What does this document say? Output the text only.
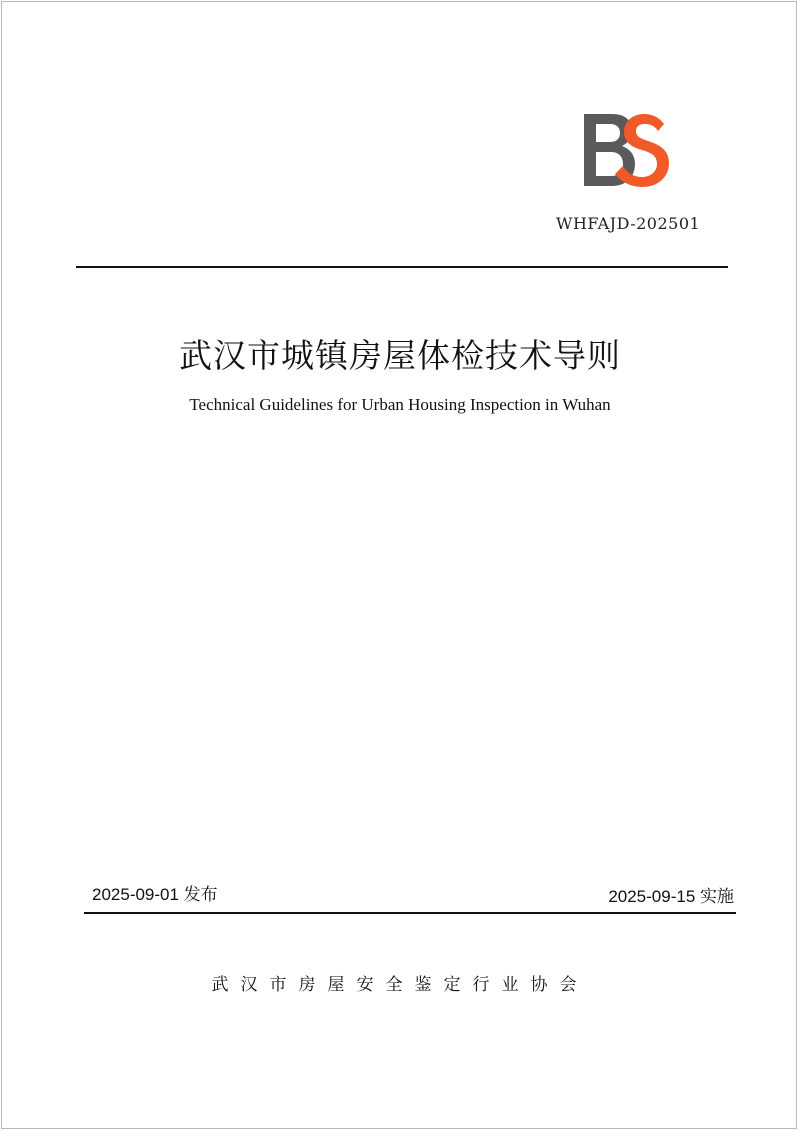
WHFAJD-202501
武汉市城镇房屋体检技术导则
Technical Guidelines for Urban Housing Inspection in Wuhan
2025-09-01 发布	2025-09-15 实施
武汉市房屋安全鉴定行业协会
